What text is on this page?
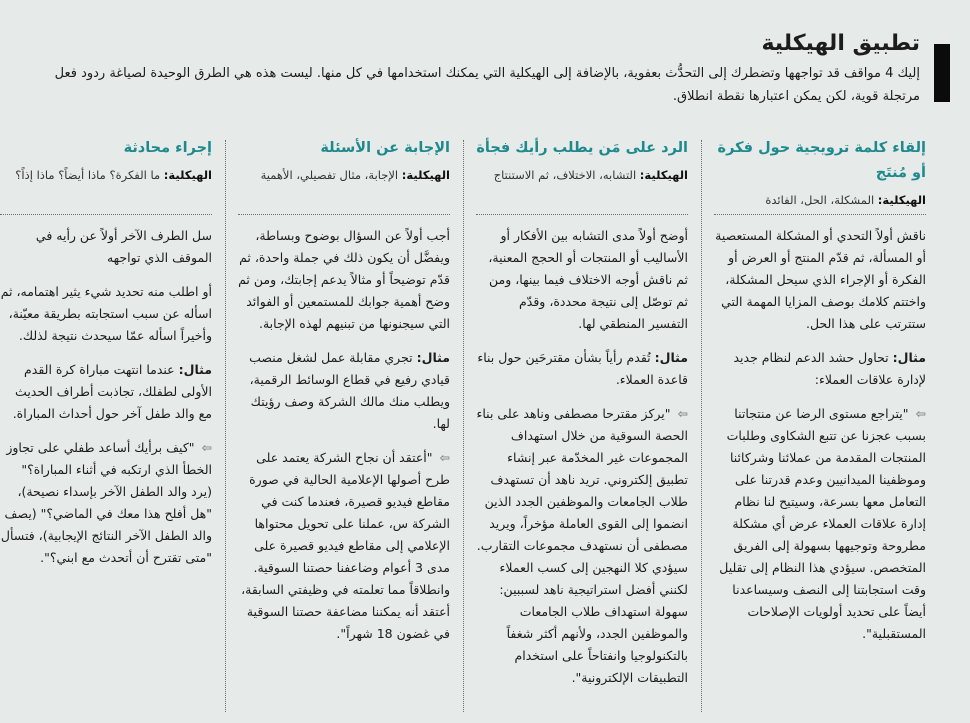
تطبيق الهيكلية

إليك 4 مواقف قد تواجهها وتضطرك إلى التحدُّث بعفوية، بالإضافة إلى الهيكلية التي يمكنك استخدامها في كل منها. ليست هذه هي الطرق الوحيدة لصياغة ردود فعل مرتجلة قوية، لكن يمكن اعتبارها نقطة انطلاق.

إلقاء كلمة ترويجية حول فكرة أو مُنتَج
الهيكلية: المشكلة، الحل، الفائدة

ناقش أولاً التحدي أو المشكلة المستعصية أو المسألة، ثم قدّم المنتج أو العرض أو الفكرة أو الإجراء الذي سيحل المشكلة، واختتم كلامك بوصف المزايا المهمة التي ستترتب على هذا الحل.

مثال: تحاول حشد الدعم لنظام جديد لإدارة علاقات العملاء:

⇦ "يتراجع مستوى الرضا عن منتجاتنا بسبب عجزنا عن تتبع الشكاوى وطلبات المنتجات المقدمة من عملائنا وشركائنا وموظفينا الميدانيين وعدم قدرتنا على التعامل معها بسرعة، وسيتيح لنا نظام إدارة علاقات العملاء عرض أي مشكلة مطروحة وتوجيهها بسهولة إلى الفريق المتخصص. سيؤدي هذا النظام إلى تقليل وقت استجابتنا إلى النصف وسيساعدنا أيضاً على تحديد أولويات الإصلاحات المستقبلية".

الرد على مَن يطلب رأيك فجأة
الهيكلية: التشابه، الاختلاف، ثم الاستنتاج

أوضح أولاً مدى التشابه بين الأفكار أو الأساليب أو المنتجات أو الحجج المعنية، ثم ناقش أوجه الاختلاف فيما بينها، ومن ثم توصّل إلى نتيجة محددة، وقدّم التفسير المنطقي لها.

مثال: تُقدم رأياً بشأن مقترحَين حول بناء قاعدة العملاء.

⇦ "يركز مقترحا مصطفى وناهد على بناء الحصة السوقية من خلال استهداف المجموعات غير المخدّمة عبر إنشاء تطبيق إلكتروني. تريد ناهد أن تستهدف طلاب الجامعات والموظفين الجدد الذين انضموا إلى القوى العاملة مؤخراً، ويريد مصطفى أن نستهدف مجموعات التقارب. سيؤدي كلا النهجين إلى كسب العملاء لكنني أفضل استراتيجية ناهد لسببين: سهولة استهداف طلاب الجامعات والموظفين الجدد، ولأنهم أكثر شغفاً بالتكنولوجيا وانفتاحاً على استخدام التطبيقات الإلكترونية".

الإجابة عن الأسئلة
الهيكلية: الإجابة، مثال تفصيلي، الأهمية

أجب أولاً عن السؤال بوضوح وبساطة، ويفضَّل أن يكون ذلك في جملة واحدة، ثم قدّم توضيحاً أو مثالاً يدعم إجابتك، ومن ثم وضح أهمية جوابك للمستمعين أو الفوائد التي سيجنونها من تبنيهم لهذه الإجابة.

مثال: تجري مقابلة عمل لشغل منصب قيادي رفيع في قطاع الوسائط الرقمية، ويطلب منك مالك الشركة وصف رؤيتك لها.

⇦ "أعتقد أن نجاح الشركة يعتمد على طرح أصولها الإعلامية الحالية في صورة مقاطع فيديو قصيرة، فعندما كنت في الشركة س، عملنا على تحويل محتواها الإعلامي إلى مقاطع فيديو قصيرة على مدى 3 أعوام وضاعفنا حصتنا السوقية. وانطلاقاً مما تعلمته في وظيفتي السابقة، أعتقد أنه يمكننا مضاعفة حصتنا السوقية في غضون 18 شهراً".

إجراء محادثة
الهيكلية: ما الفكرة؟ ماذا أيضاً؟ ماذا إذاً؟

سل الطرف الآخر أولاً عن رأيه في الموقف الذي تواجهه

أو اطلب منه تحديد شيء يثير اهتمامه، ثم اسأله عن سبب استجابته بطريقة معيّنة، وأخيراً اسأله عمّا سيحدث نتيجة لذلك.

مثال: عندما انتهت مباراة كرة القدم الأولى لطفلك، تجاذبت أطراف الحديث مع والد طفل آخر حول أحداث المباراة.

⇦ "كيف برأيك أساعد طفلي على تجاوز الخطأ الذي ارتكبه في أثناء المباراة؟" (يرد والد الطفل الآخر بإسداء نصيحة)، "هل أفلح هذا معك في الماضي؟" (يصف والد الطفل الآخر النتائج الإيجابية)، فتسأل "متى تقترح أن أتحدث مع ابني؟".
